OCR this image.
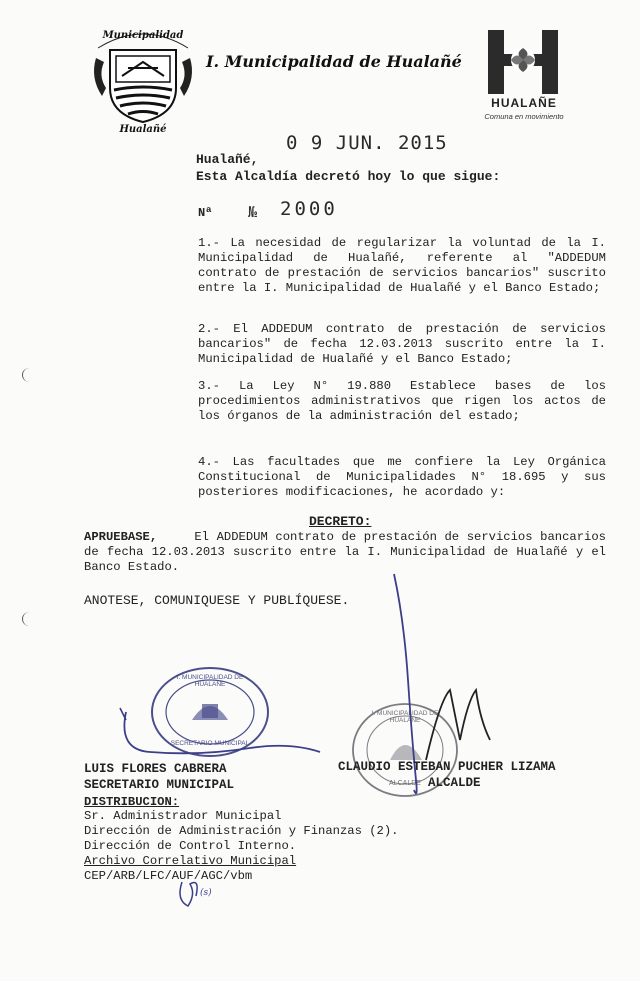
Municipalidad
Hualañé
I. Municipalidad de Hualañé
HUALAÑE
Comuna en movimiento
0 9 JUN. 2015
Hualañé,
Esta Alcaldía decretó hoy lo que sigue:
Nª № 2000
1.- La necesidad de regularizar la voluntad de la I. Municipalidad de Hualañé, referente al "ADDEDUM contrato de prestación de servicios bancarios" suscrito entre la I. Municipalidad de Hualañé y el Banco Estado;
2.- El ADDEDUM contrato de prestación de servicios bancarios" de fecha 12.03.2013 suscrito entre la I. Municipalidad de Hualañé y el Banco Estado;
3.- La Ley N° 19.880 Establece bases de los procedimientos administrativos que rigen los actos de los órganos de la administración del estado;
4.- Las facultades que me confiere la Ley Orgánica Constitucional de Municipalidades N° 18.695 y sus posteriores modificaciones, he acordado y:
DECRETO:
APRUEBASE,	El ADDEDUM contrato de prestación de servicios bancarios de fecha 12.03.2013 suscrito entre la I. Municipalidad de Hualañé y el Banco Estado.
ANOTESE, COMUNIQUESE Y PUBLÍQUESE.
I. MUNICIPALIDAD DE HUALAÑE
SECRETARIO MUNICIPAL
I. MUNICIPALIDAD DE HUALAÑE
ALCALDE
(s)
LUIS FLORES CABRERA
SECRETARIO MUNICIPAL
CLAUDIO ESTEBAN PUCHER LIZAMA
ALCALDE
DISTRIBUCION:
Sr. Administrador Municipal
Dirección de Administración y Finanzas (2).
Dirección de Control Interno.
Archivo Correlativo Municipal
CEP/ARB/LFC/AUF/AGC/vbm
